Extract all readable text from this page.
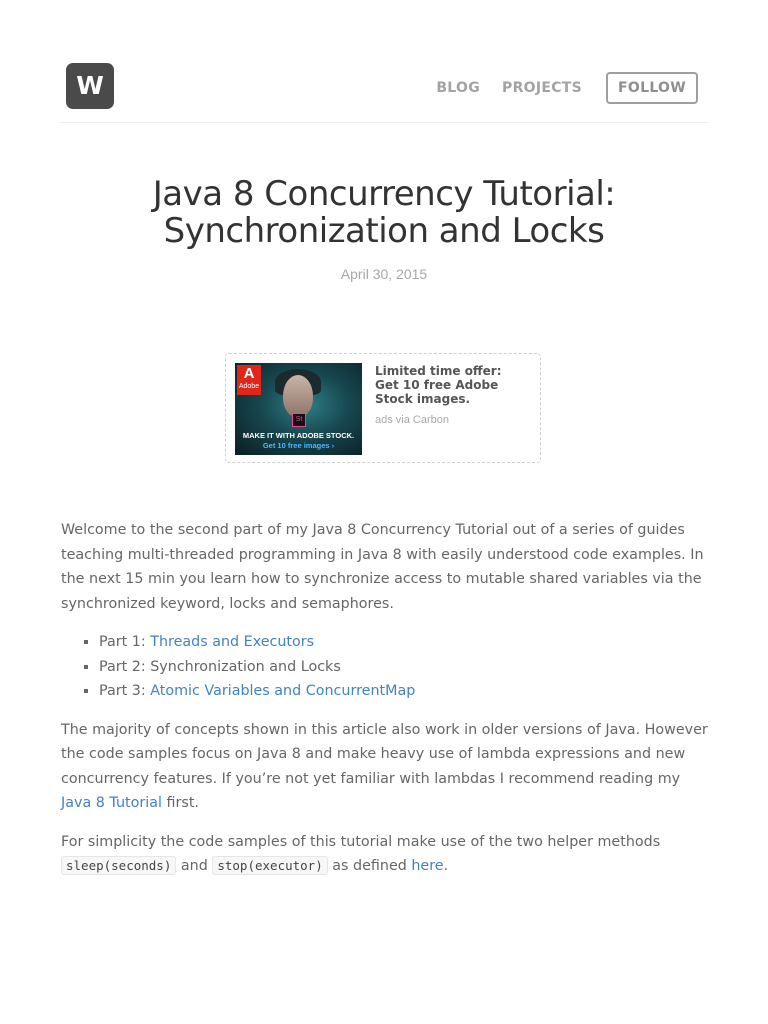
W	BLOG PROJECTS	FOLLOW
Java 8 Concurrency Tutorial:
Synchronization and Locks
April 30, 2015
A
Adobe
St
MAKE IT WITH ADOBE STOCK.
Get 10 free images ›
Limited time offer: Get 10 free Adobe Stock images.
ads via Carbon

Welcome to the second part of my Java 8 Concurrency Tutorial out of a series of guides teaching multi-threaded programming in Java 8 with easily understood code examples. In the next 15 min you learn how to synchronize access to mutable shared variables via the synchronized keyword, locks and semaphores.

▪ Part 1: Threads and Executors
▪ Part 2: Synchronization and Locks
▪ Part 3: Atomic Variables and ConcurrentMap

The majority of concepts shown in this article also work in older versions of Java. However the code samples focus on Java 8 and make heavy use of lambda expressions and new concurrency features. If you’re not yet familiar with lambdas I recommend reading my Java 8 Tutorial first.

For simplicity the code samples of this tutorial make use of the two helper methods sleep(seconds) and stop(executor) as defined here.
